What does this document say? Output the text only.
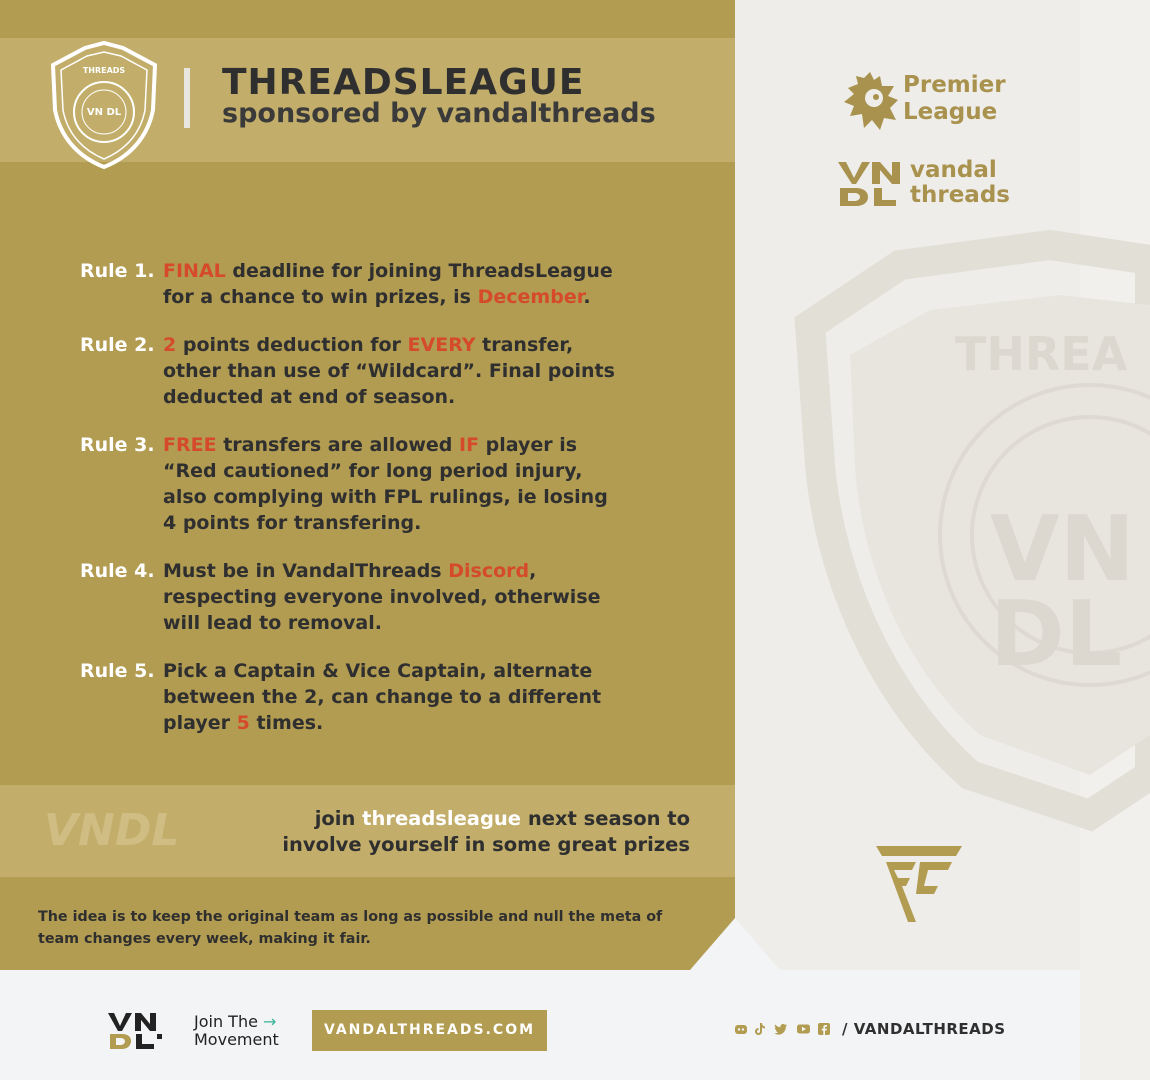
THREA
VN
DL
THREADS
VN DL
THREADSLEAGUE
sponsored by vandalthreads
Premier
League
vandal
threads
Rule 1. FINAL deadline for joining ThreadsLeague

for a chance to win prizes, is December.

Rule 2. 2 points deduction for EVERY transfer,

other than use of “Wildcard”. Final points

deducted at end of season.

Rule 3. FREE transfers are allowed IF player is

“Red cautioned” for long period injury,

also complying with FPL rulings, ie losing

4 points for transfering.

Rule 4. Must be in VandalThreads Discord,

respecting everyone involved, otherwise

will lead to removal.

Rule 5. Pick a Captain & Vice Captain, alternate

between the 2, can change to a different

player 5 times.

VNDL	join threadsleague next season to
involve yourself in some great prizes
The idea is to keep the original team as long as possible and null the meta of team changes every week, making it fair.
Join The →
Movement	VANDALTHREADS.COM	/ VANDALTHREADS
